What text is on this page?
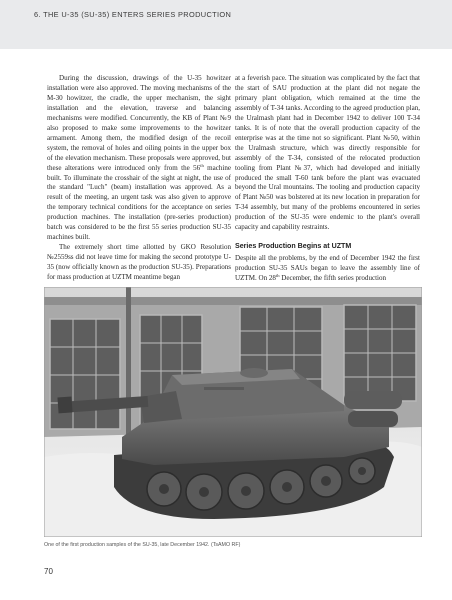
6. THE U-35 (SU-35) ENTERS SERIES PRODUCTION

During the discussion, drawings of the U-35 howitzer installation were also approved. The moving mechanisms of the M-30 howitzer, the cradle, the upper mechanism, the sight installation and the elevation, traverse and balancing mechanisms were modified. Concurrently, the KB of Plant №9 also proposed to make some improvements to the howitzer armament. Among them, the modified design of the recoil system, the removal of holes and oiling points in the upper box of the elevation mechanism. These proposals were approved, but these alterations were introduced only from the 56th machine built. To illuminate the crosshair of the sight at night, the use of the standard "Luch" (beam) installation was approved. As a result of the meeting, an urgent task was also given to approve the temporary technical conditions for the acceptance on series production machines. The installation (pre-series production) batch was considered to be the first 55 series production SU-35 machines built.

The extremely short time allotted by GKO Resolution №2559ss did not leave time for making the second prototype U-35 (now officially known as the production SU-35). Preparations for mass production at UZTM meantime began

at a feverish pace. The situation was complicated by the fact that the start of SAU production at the plant did not negate the primary plant obligation, which remained at the time the assembly of T-34 tanks. According to the agreed production plan, the Uralmash plant had in December 1942 to deliver 100 T-34 tanks. It is of note that the overall production capacity of the enterprise was at the time not so significant. Plant №50, within the Uralmash structure, which was directly responsible for assembly of the T-34, consisted of the relocated production tooling from Plant №37, which had developed and initially produced the small T-60 tank before the plant was evacuated beyond the Ural mountains. The tooling and production capacity of Plant №50 was bolstered at its new location in preparation for T-34 assembly, but many of the problems encountered in series production of the SU-35 were endemic to the plant's overall capacity and capability restraints.

Series Production Begins at UZTM

Despite all the problems, by the end of December 1942 the first production SU-35 SAUs began to leave the assembly line of UZTM. On 28th December, the fifth series production

One of the first production samples of the SU-35, late December 1942. (TsAMO RF)
70
